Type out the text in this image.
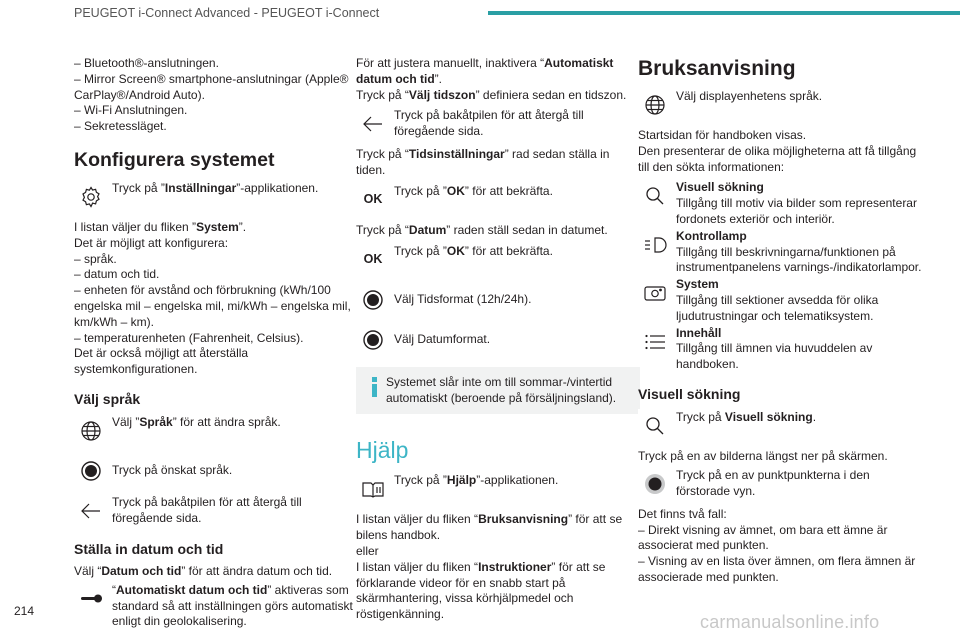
PEUGEOT i-Connect Advanced - PEUGEOT i-Connect

– Bluetooth®-anslutningen.

– Mirror Screen® smartphone-anslutningar (Apple® CarPlay®/Android Auto).

– Wi-Fi Anslutningen.

– Sekretessläget.

Konfigurera systemet
Tryck på ”Inställningar”-applikationen.

I listan väljer du fliken ”System”.

Det är möjligt att konfigurera:

– språk.

– datum och tid.

– enheten för avstånd och förbrukning (kWh/100 engelska mil – engelska mil, mi/kWh – engelska mil, km/kWh – km).

– temperaturenheten (Fahrenheit, Celsius).

Det är också möjligt att återställa systemkonfigurationen.

Välj språk
Välj ”Språk” för att ändra språk.
Tryck på önskat språk.
Tryck på bakåtpilen för att återgå till föregående sida.
Ställa in datum och tid

Välj “Datum och tid” för att ändra datum och tid.

“Automatiskt datum och tid” aktiveras som standard så att inställningen görs automatiskt enligt din geolokalisering.

För att justera manuellt, inaktivera “Automatiskt datum och tid”.

Tryck på “Välj tidszon” definiera sedan en tidszon.

Tryck på bakåtpilen för att återgå till föregående sida.

Tryck på “Tidsinställningar” rad sedan ställa in tiden.

OK
Tryck på ”OK” för att bekräfta.

Tryck på “Datum” raden ställ sedan in datumet.

OK
Tryck på ”OK” för att bekräfta.
Välj Tidsformat (12h/24h).
Välj Datumformat.
Systemet slår inte om till sommar-/vintertid automatiskt (beroende på försäljningsland).
Hjälp
Tryck på ”Hjälp”-applikationen.

I listan väljer du fliken “Bruksanvisning” för att se bilens handbok.

eller

I listan väljer du fliken “Instruktioner” för att se förklarande videor för en snabb start på skärmhantering, vissa körhjälpmedel och röstigenkänning.

Bruksanvisning
Välj displayenhetens språk.

Startsidan för handboken visas.

Den presenterar de olika möjligheterna att få tillgång till den sökta informationen:

Visuell sökning
Tillgång till motiv via bilder som representerar fordonets exteriör och interiör.
Kontrollamp
Tillgång till beskrivningarna/funktionen på instrumentpanelens varnings-/indikatorlampor.
System
Tillgång till sektioner avsedda för olika ljudutrustningar och telematiksystem.
Innehåll
Tillgång till ämnen via huvuddelen av handboken.
Visuell sökning
Tryck på Visuell sökning.

Tryck på en av bilderna längst ner på skärmen.

Tryck på en av punktpunkterna i den förstorade vyn.

Det finns två fall:

– Direkt visning av ämnet, om bara ett ämne är associerat med punkten.

– Visning av en lista över ämnen, om flera ämnen är associerade med punkten.

214
carmanualsonline.info
